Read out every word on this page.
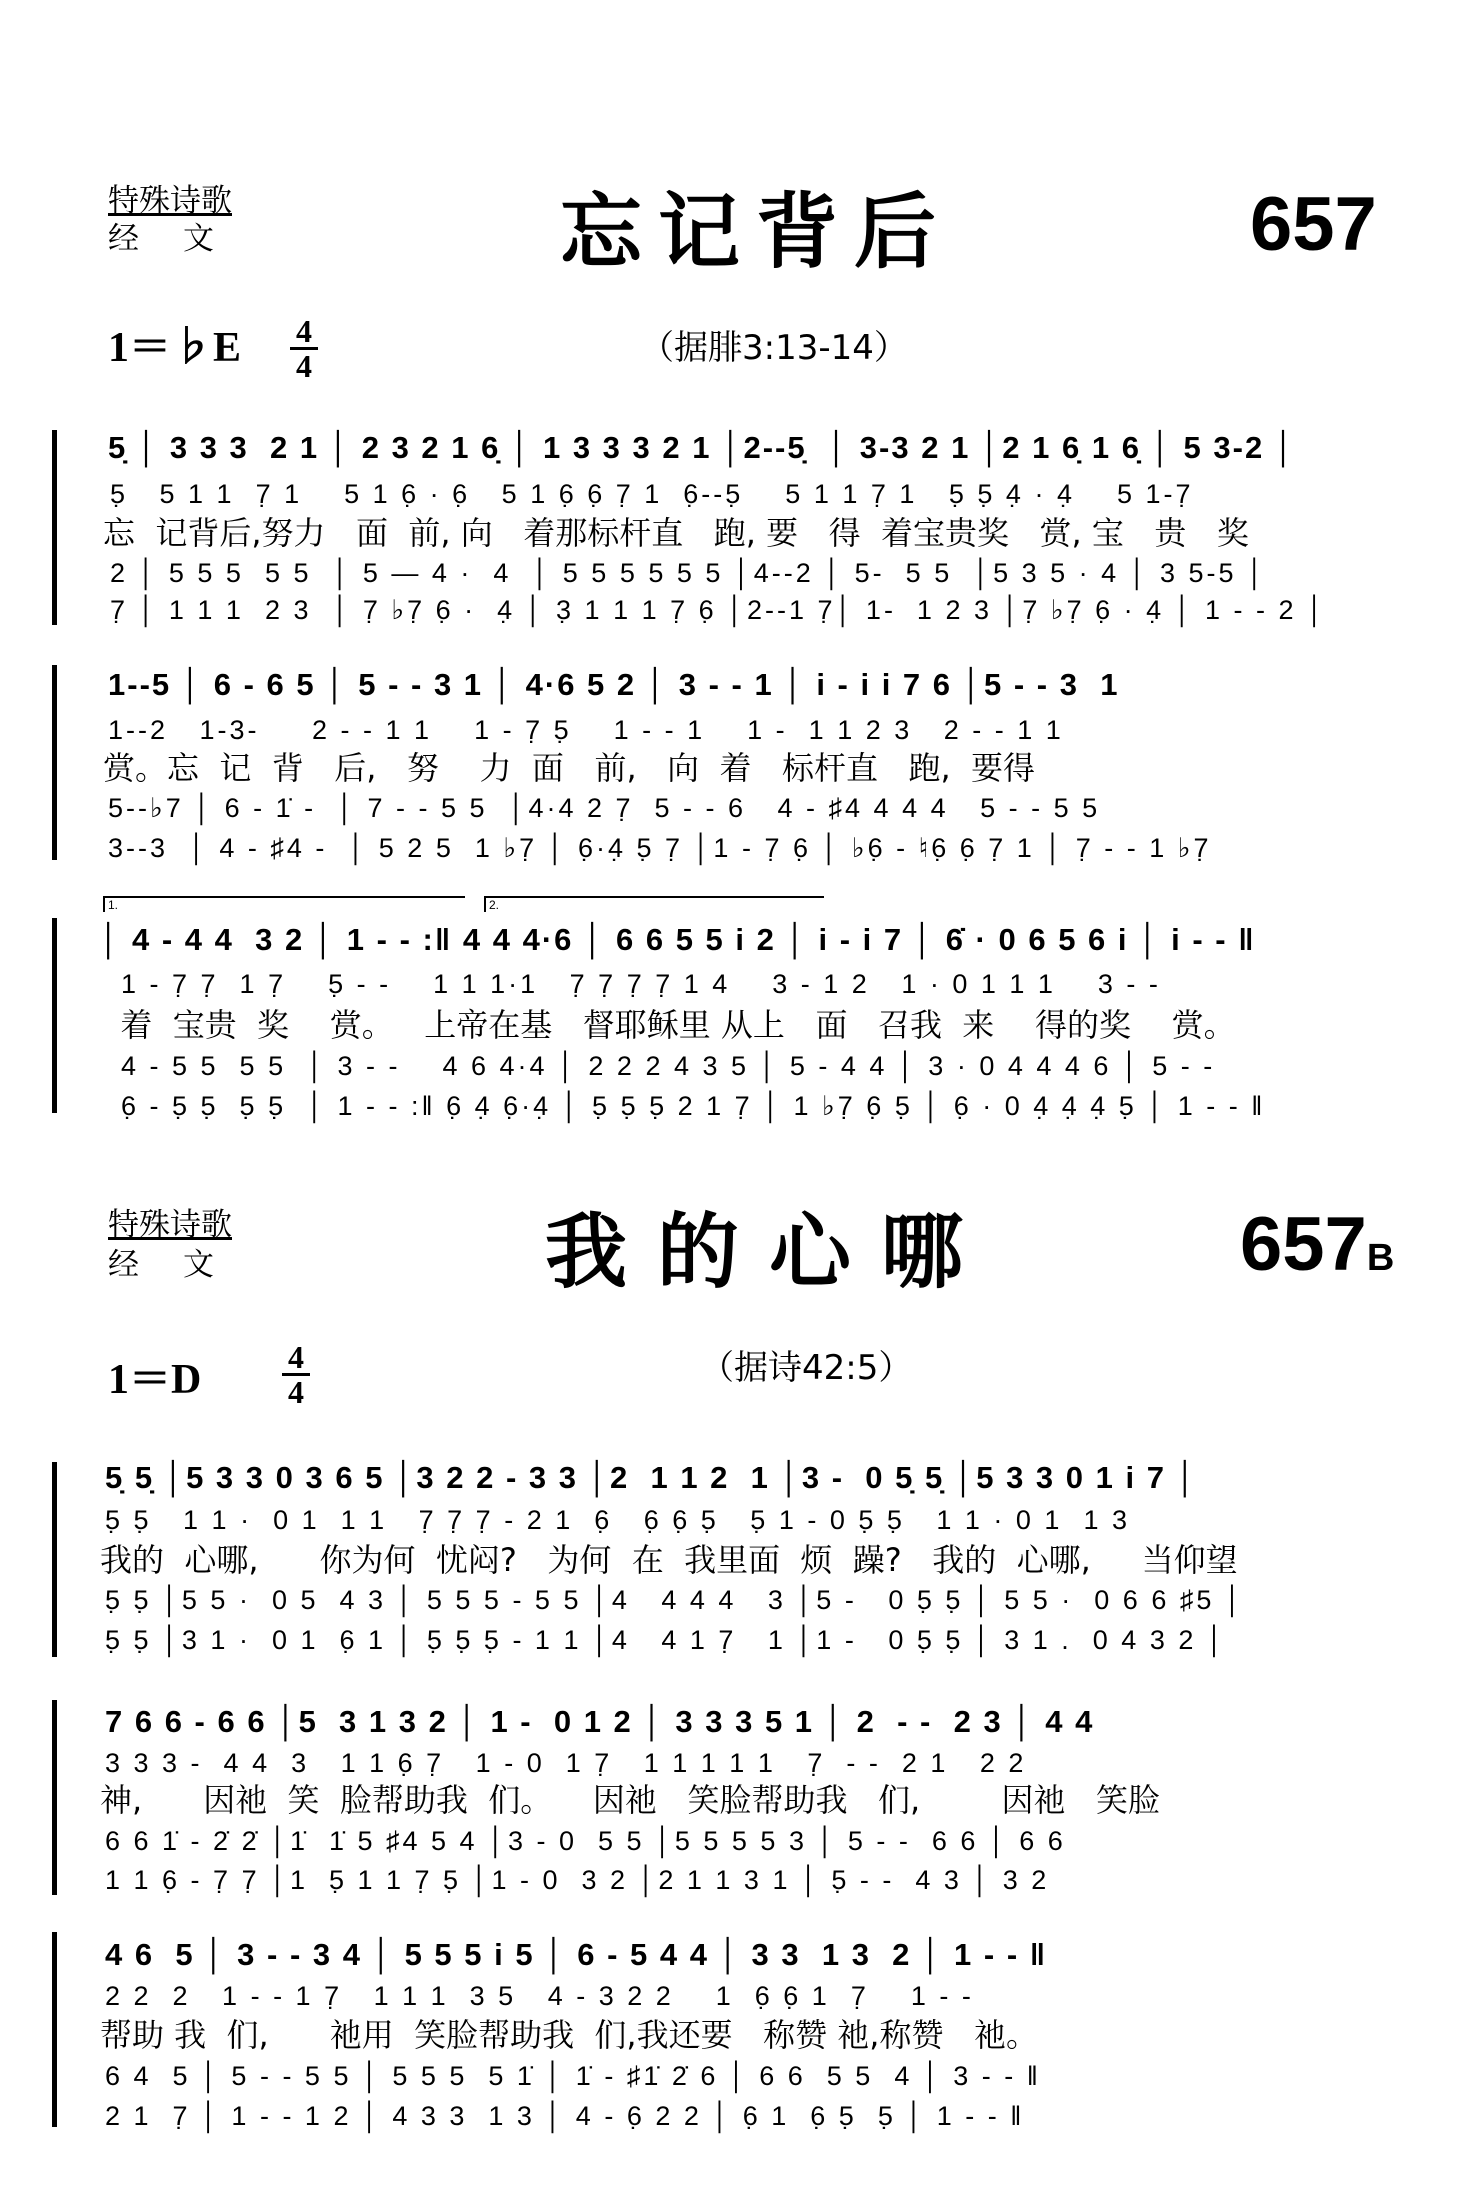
特殊诗歌
经文	忘记背后	657
1＝♭E 4
4	（据腓3:13-14）
5̣ │ 3 3 3  2 1 │ 2 3 2 1 6̣ │ 1 3 3 3 2 1 │2--5̣  │ 3-3 2 1 │2 1 6̣ 1 6̣ │ 5 3-2 │
5̣   5 1 1  7̣ 1    5 1 6̣ · 6̣   5 1 6̣ 6̣ 7̣ 1  6̣--5̣    5 1 1 7̣ 1   5̣ 5̣ 4̣ · 4̣    5 1-7̣
忘  记背后,努力   面  前, 向   着那标杆直   跑, 要   得  着宝贵奖   赏, 宝   贵   奖
2 │ 5 5 5  5 5  │ 5 — 4 ·  4  │ 5 5 5 5 5 5 │4--2 │ 5-  5 5  │5 3 5 · 4 │ 3 5-5 │
7̣ │ 1 1 1  2 3  │ 7̣ ♭7̣ 6̣ ·  4̣ │ 3̣ 1 1 1 7̣ 6̣ │2--1 7̣│ 1-  1 2 3 │7̣ ♭7̣ 6̣ · 4̣ │ 1 - - 2 │
1--5 │ 6 - 6 5 │ 5 - - 3 1 │ 4·6 5 2 │ 3 - - 1 │ i - i i 7 6 │5 - - 3  1
1--2   1-3-     2 - - 1 1    1 - 7̣ 5̣    1 - - 1    1 -  1 1 2 3   2 - - 1 1
赏。忘  记  背   后,   努    力  面   前,   向  着   标杆直   跑,  要得
5--♭7 │ 6 - 1̇ -  │ 7 - - 5 5  │4·4 2 7̣  5 - - 6   4 - ♯4 4 4 4   5 - - 5 5
3--3  │ 4 - ♯4 -  │ 5 2 5  1 ♭7̣ │ 6̣·4̣ 5̣ 7̣ │1 - 7̣ 6̣ │ ♭6̣ - ♮6̣ 6̣ 7̣ 1 │ 7̣ - - 1 ♭7̣
1.	2.
│ 4 - 4 4  3 2 │ 1 - - :‖ 4 4 4·6 │ 6 6 5 5 i 2 │ i - i 7 │ 6̇ · 0 6 5 6 i │ i - - ‖
1 - 7̣ 7̣  1 7̣    5̣ - -    1 1 1·1   7̣ 7̣ 7̣ 7̣ 1 4    3 - 1 2   1 · 0 1 1 1    3 - -
着  宝贵  奖    赏。   上帝在基   督耶稣里 从上   面   召我  来    得的奖    赏。
4 - 5 5  5 5  │ 3 - -    4 6 4·4 │ 2 2 2 4 3 5 │ 5 - 4 4 │ 3 · 0 4 4 4 6 │ 5 - -
6̣ - 5̣ 5̣  5̣ 5̣  │ 1 - - :‖ 6̣ 4̣ 6̣·4̣ │ 5̣ 5̣ 5̣ 2 1 7̣ │ 1 ♭7̣ 6̣ 5̣ │ 6̣ · 0 4̣ 4̣ 4̣ 5̣ │ 1 - - ‖
特殊诗歌
经文	我的心哪	657B
1＝D	4
4
（据诗42:5）
5̣ 5̣ │5 3 3 0 3 6 5 │3 2 2 - 3 3 │2  1 1 2  1 │3 -  0 5̣ 5̣ │5 3 3 0 1 i 7 │
5̣ 5̣   1 1 ·  0 1  1 1   7̣ 7̣ 7̣ - 2 1  6̣   6̣ 6̣ 5̣   5̣ 1 - 0 5̣ 5̣   1 1 · 0 1  1 3
我的  心哪,      你为何  忧闷?   为何  在  我里面  烦  躁?   我的  心哪,     当仰望
5̣ 5̣ │5 5 ·  0 5  4 3 │ 5 5 5 - 5 5 │4   4 4 4   3 │5 -   0 5̣ 5̣ │ 5 5 ·  0 6 6 ♯5 │
5̣ 5̣ │3 1 ·  0 1  6̣ 1 │ 5̣ 5̣ 5̣ - 1 1 │4   4 1 7̣   1 │1 -   0 5̣ 5̣ │ 3 1 .  0 4 3 2 │
7 6 6 - 6 6 │5  3 1 3 2 │ 1 -  0 1 2 │ 3 3 3 5 1 │ 2  - -  2 3 │ 4 4
3 3 3 -  4 4  3   1 1 6̣ 7̣   1 - 0  1 7̣   1 1 1 1 1   7̣  - -  2 1   2 2
神,      因祂  笑  脸帮助我  们。    因祂   笑脸帮助我   们,        因祂   笑脸
6 6 1̇ - 2̇ 2̇ │1̇  1̇ 5 ♯4 5 4 │3 - 0  5 5 │5 5 5 5 3 │ 5 - -  6 6 │ 6 6
1 1 6̣ - 7̣ 7̣ │1  5̣ 1 1 7̣ 5̣ │1 - 0  3 2 │2 1 1 3 1 │ 5̣ - -  4 3 │ 3 2
4 6  5 │ 3 - - 3 4 │ 5 5 5 i 5 │ 6 - 5 4 4 │ 3 3  1 3  2 │ 1 - - ‖
2 2  2   1 - - 1 7̣   1 1 1  3 5   4 - 3 2 2    1  6̣ 6̣ 1  7̣    1 - -
帮助 我  们,      祂用  笑脸帮助我  们,我还要   称赞 祂,称赞   祂。
6 4  5 │ 5 - - 5 5 │ 5 5 5  5 1̇ │ 1̇ - ♯1̇ 2̇ 6 │ 6 6  5 5  4 │ 3 - - ‖
2 1  7̣ │ 1 - - 1 2 │ 4 3 3  1 3 │ 4 - 6̣ 2 2 │ 6̣ 1  6̣ 5̣  5̣ │ 1 - - ‖
